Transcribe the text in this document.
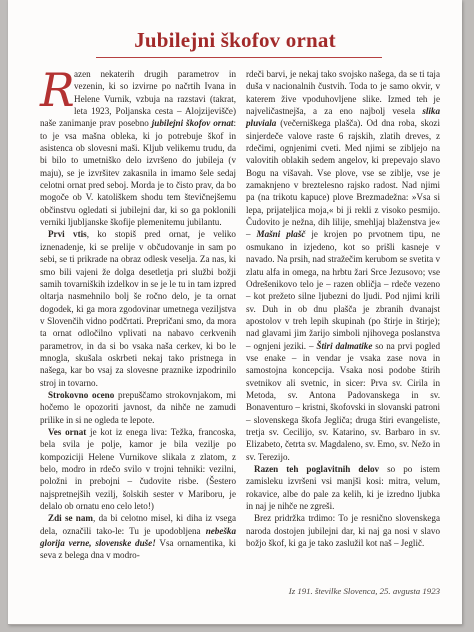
Jubilejni škofov ornat

Razen nekaterih drugih parametrov in vezenin, ki so izvirne po načrtih Ivana in Helene Vurnik, vzbuja na razstavi (takrat, leta 1923, Poljanska cesta – Alojzijevišče) naše zanimanje prav posebno jubilejni škofov ornat: to je vsa mašna obleka, ki jo potrebuje škof in asistenca ob slovesni maši. Kljub velikemu trudu, da bi bilo to umetniško delo izvršeno do jubileja (v maju), se je izvršitev zakasnila in imamo šele sedaj celotni ornat pred seboj. Morda je to čisto prav, da bo mogoče ob V. katoliškem shodu tem števičnejšemu občinstvu ogledati si jubilejni dar, ki so ga poklonili verniki ljubljanske škofije plemenitemu jubilantu.

Prvi vtis, ko stopiš pred ornat, je veliko iznenadenje, ki se prelije v občudovanje in sam po sebi, se ti prikrade na obraz odlesk veselja. Za nas, ki smo bili vajeni že dolga desetletja pri službi božji samih tovarniških izdelkov in se je le tu in tam izpred oltarja nasmehnilo bolj še ročno delo, je ta ornat dogodek, ki ga mora zgodovinar umetnega veziljstva v Slovenčih vidno podčrtati. Prepričani smo, da mora ta ornat odločilno vplivati na nabavo cerkvenih parametrov, in da si bo vsaka naša cerkev, ki bo le mnogla, skušala oskrbeti nekaj tako pristnega in našega, kar bo vsaj za slovesne praznike izpodrinilo stroj in tovarno.

Strokovno oceno prepuščamo strokovnjakom, mi hočemo le opozoriti javnost, da nihče ne zamudi prilike in si ne ogleda te lepote.

Ves ornat je kot iz enega liva: Težka, francoska, bela svila je polje, kamor je bila vezilje po kompoziciji Helene Vurnikove slikala z zlatom, z belo, modro in rdečo svilo v trojni tehniki: vezilni, položni in prebojni – čudovite risbe. (Šestero najspretnejših vezilj, šolskih sester v Mariboru, je delalo ob ornatu eno celo leto!)

Zdi se nam, da bi celotno misel, ki diha iz vsega dela, označili tako-le: Tu je upodobljena nebeška glorija verne, slovenske duše! Vsa ornamentika, ki seva z belega dna v modro-

rdeči barvi, je nekaj tako svojsko našega, da se ti taja duša v nacionalnih čustvih. Toda to je samo okvir, v katerem žive vpoduhovljene slike. Izmed teh je najveličastnejša, a za eno najbolj vesela slika pluviala (večerniškega plašča). Od dna roba, skozi sinjerdeče valove raste 6 rajskih, zlatih dreves, z rdečimi, ognjenimi cveti. Med njimi se zibljejo na valovitih oblakih sedem angelov, ki prepevajo slavo Bogu na višavah. Vse plove, vse se ziblje, vse je zamaknjeno v breztelesno rajsko radost. Nad njimi pa (na trikotu kapuce) plove Brezmadežna: »Vsa si lepa, prijateljica moja,« bi ji rekli z visoko pesmijo. Čudovito je nežna, dih lilije, smehljaj blaženstva je« – Mašni plašč je krojen po prvotnem tipu, ne osmukano in izjedeno, kot so prišli kasneje v navado. Na prsih, nad stražečim kerubom se svetita v zlatu alfa in omega, na hrbtu žari Srce Jezusovo; vse Odrešenikovo telo je – razen obličja – rdeče vezeno – kot prežeto silne ljubezni do ljudi. Pod njimi krili sv. Duh in ob dnu plašča je zbranih dvanajst apostolov v treh lepih skupinah (po štirje in štirje); nad glavami jim žarijo simboli njihovega poslanstva – ognjeni jeziki. – Štiri dalmatike so na prvi pogled vse enake – in vendar je vsaka zase nova in samostojna koncepcija. Vsaka nosi podobe štirih svetnikov ali svetnic, in sicer: Prva sv. Cirila in Metoda, sv. Antona Padovanskega in sv. Bonaventuro – kristni, škofovski in slovanski patroni – slovenskega škofa Jegliča; druga štiri evangeliste, tretja sv. Cecilijo, sv. Katarino, sv. Barbaro in sv. Elizabeto, četrta sv. Magdaleno, sv. Emo, sv. Nežo in sv. Terezijo.

Razen teh poglavitnih delov so po istem zamisleku izvršeni vsi manjši kosi: mitra, velum, rokavice, albe do pale za kelih, ki je izredno ljubka in naj je nihče ne zgreši.

Brez pridržka trdimo: To je resnično slovenskega naroda dostojen jubilejni dar, ki naj ga nosi v slavo božjo škof, ki ga je tako zaslužil kot naš – Jeglič.

Iz 191. številke Slovenca, 25. avgusta 1923
